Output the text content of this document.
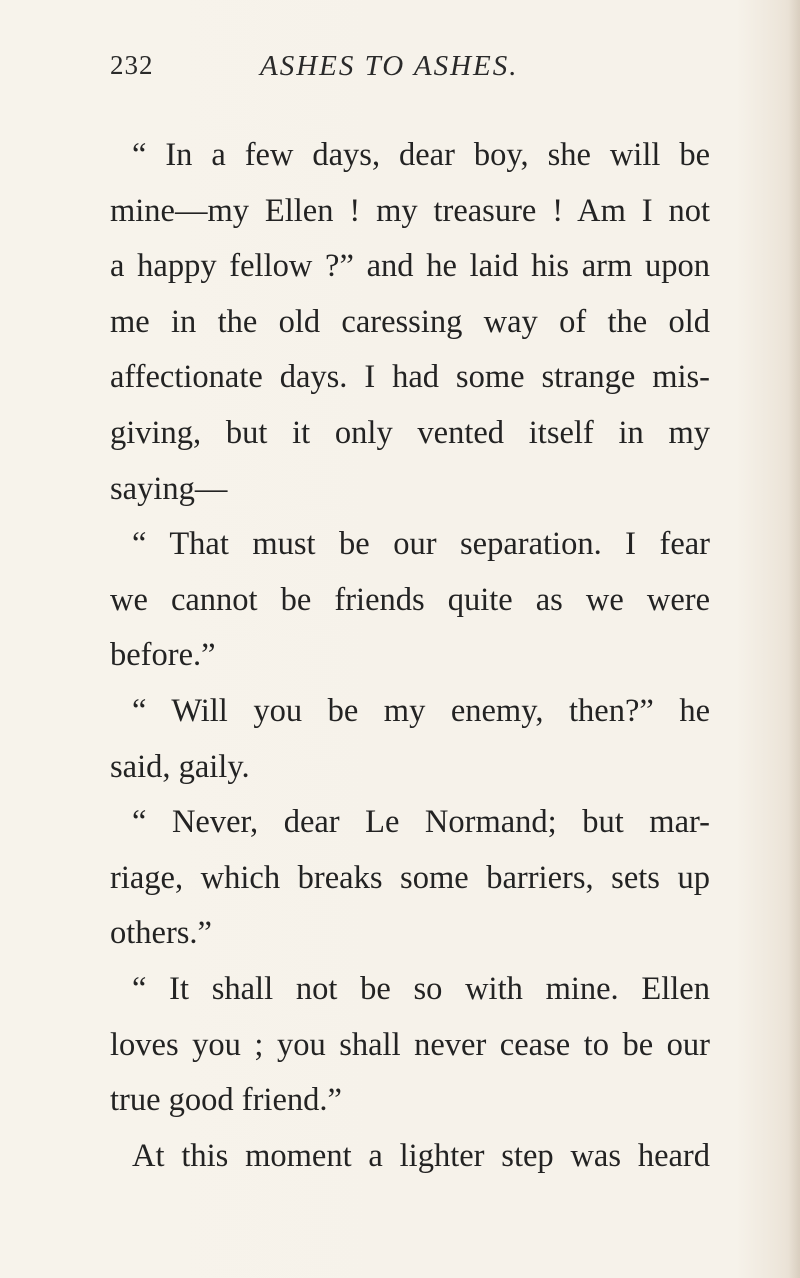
232	ASHES TO ASHES.
“ In a few days, dear boy, she will be
mine—my Ellen ! my treasure ! Am I not
a happy fellow ?” and he laid his arm upon
me in the old caressing way of the old
affectionate days. I had some strange mis-
giving, but it only vented itself in my
saying—
“ That must be our separation. I fear
we cannot be friends quite as we were
before.”
“ Will you be my enemy, then?” he
said, gaily.
“ Never, dear Le Normand; but mar-
riage, which breaks some barriers, sets up
others.”
“ It shall not be so with mine. Ellen
loves you ; you shall never cease to be our
true good friend.”
At this moment a lighter step was heard
